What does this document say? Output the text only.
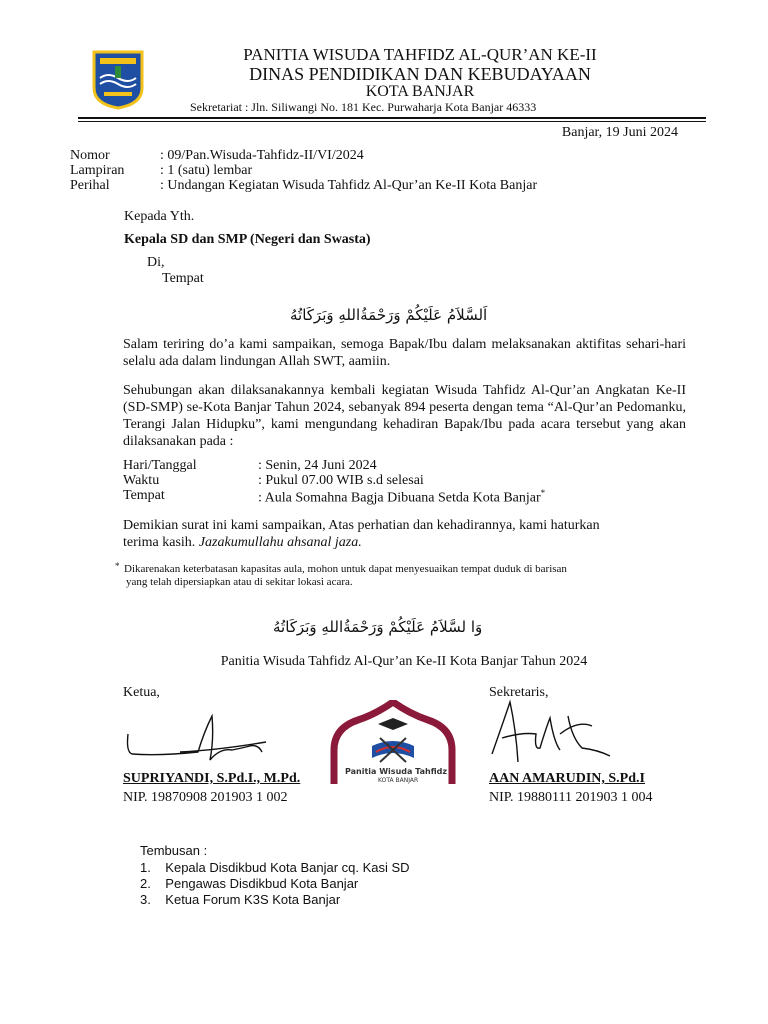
PANITIA WISUDA TAHFIDZ AL-QUR’AN KE-II
DINAS PENDIDIKAN DAN KEBUDAYAAN
KOTA BANJAR
Sekretariat : Jln. Siliwangi No. 181 Kec. Purwaharja Kota Banjar 46333
Banjar, 19 Juni 2024
Nomor	: 09/Pan.Wisuda-Tahfidz-II/VI/2024
Lampiran	: 1 (satu) lembar
Perihal	: Undangan Kegiatan Wisuda Tahfidz Al-Qur’an Ke-II Kota Banjar
Kepada Yth.
Kepala SD dan SMP (Negeri dan Swasta)
Di,
Tempat
اَلسَّلاَمُ عَلَيْكُمْ وَرَحْمَةُاللهِ وَبَرَكَاتُهُ
Salam teriring do’a kami sampaikan, semoga Bapak/Ibu dalam melaksanakan aktifitas sehari-hari selalu ada dalam lindungan Allah SWT, aamiin.
Sehubungan akan dilaksanakannya kembali kegiatan Wisuda Tahfidz Al-Qur’an Angkatan Ke-II (SD-SMP) se-Kota Banjar Tahun 2024, sebanyak 894 peserta dengan tema “Al-Qur’an Pedomanku, Terangi Jalan Hidupku”, kami mengundang kehadiran Bapak/Ibu pada acara tersebut yang akan dilaksanakan pada :
Hari/Tanggal	: Senin, 24 Juni 2024
Waktu	: Pukul 07.00 WIB s.d selesai
Tempat	: Aula Somahna Bagja Dibuana Setda Kota Banjar*
Demikian surat ini kami sampaikan, Atas perhatian dan kehadirannya, kami haturkan
terima kasih. Jazakumullahu ahsanal jaza.
* Dikarenakan keterbatasan kapasitas aula, mohon untuk dapat menyesuaikan tempat duduk di barisan
yang telah dipersiapkan atau di sekitar lokasi acara.
وَا لسَّلاَمُ عَلَيْكُمْ وَرَحْمَةُاللهِ وَبَرَكَاتُهُ
Panitia Wisuda Tahfidz Al-Qur’an Ke-II Kota Banjar Tahun 2024
Ketua,	Sekretaris,
Panitia Wisuda Tahfidz
KOTA BANJAR
SUPRIYANDI, S.Pd.I., M.Pd.
NIP. 19870908 201903 1 002
AAN AMARUDIN, S.Pd.I
NIP. 19880111 201903 1 004
Tembusan :
1.    Kepala Disdikbud Kota Banjar cq. Kasi SD
2.    Pengawas Disdikbud Kota Banjar
3.    Ketua Forum K3S Kota Banjar
